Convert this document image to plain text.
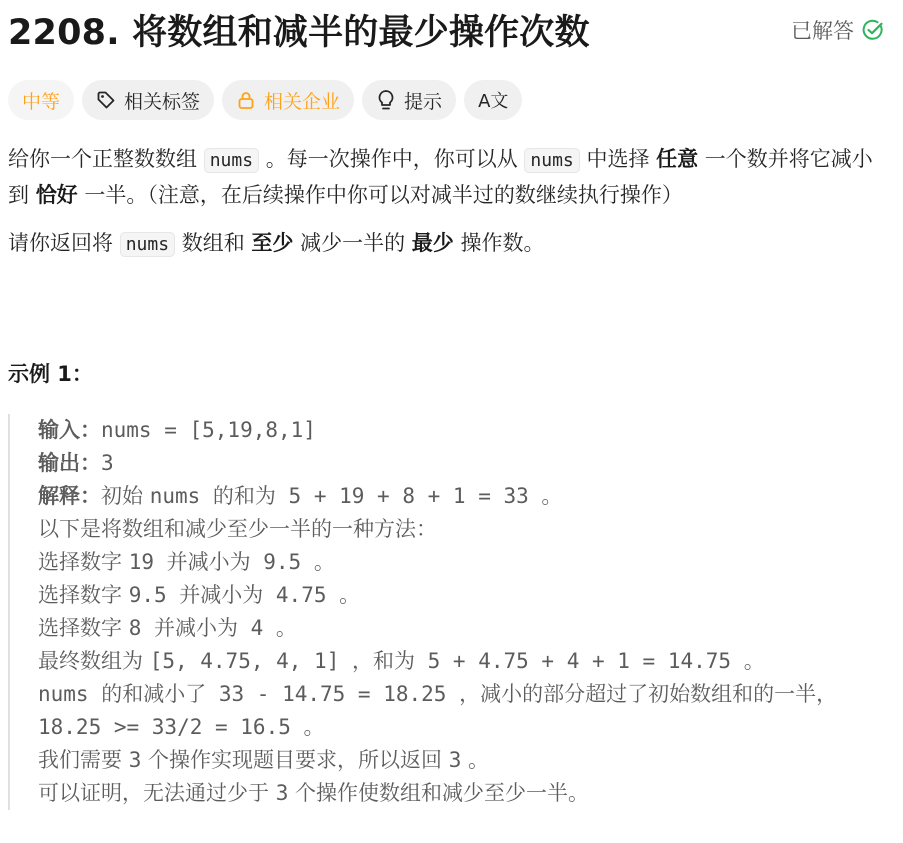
2208. 将数组和减半的最少操作次数	已解答
中等	相关标签	相关企业	提示 A文

给你一个正整数数组 nums 。每一次操作中，你可以从 nums 中选择 任意 一个数并将它减小到 恰好 一半。（注意，在后续操作中你可以对减半过的数继续执行操作）

请你返回将 nums 数组和 至少 减少一半的 最少 操作数。

示例 1：
输入：nums = [5,19,8,1]
输出：3
解释：初始 nums 的和为 5 + 19 + 8 + 1 = 33 。
以下是将数组和减少至少一半的一种方法：
选择数字 19 并减小为 9.5 。
选择数字 9.5 并减小为 4.75 。
选择数字 8 并减小为 4 。
最终数组为 [5, 4.75, 4, 1] ，和为 5 + 4.75 + 4 + 1 = 14.75 。
nums 的和减小了 33 - 14.75 = 18.25 ，减小的部分超过了初始数组和的一半，18.25 >= 33/2 = 16.5 。
我们需要 3 个操作实现题目要求，所以返回 3 。
可以证明，无法通过少于 3 个操作使数组和减少至少一半。
